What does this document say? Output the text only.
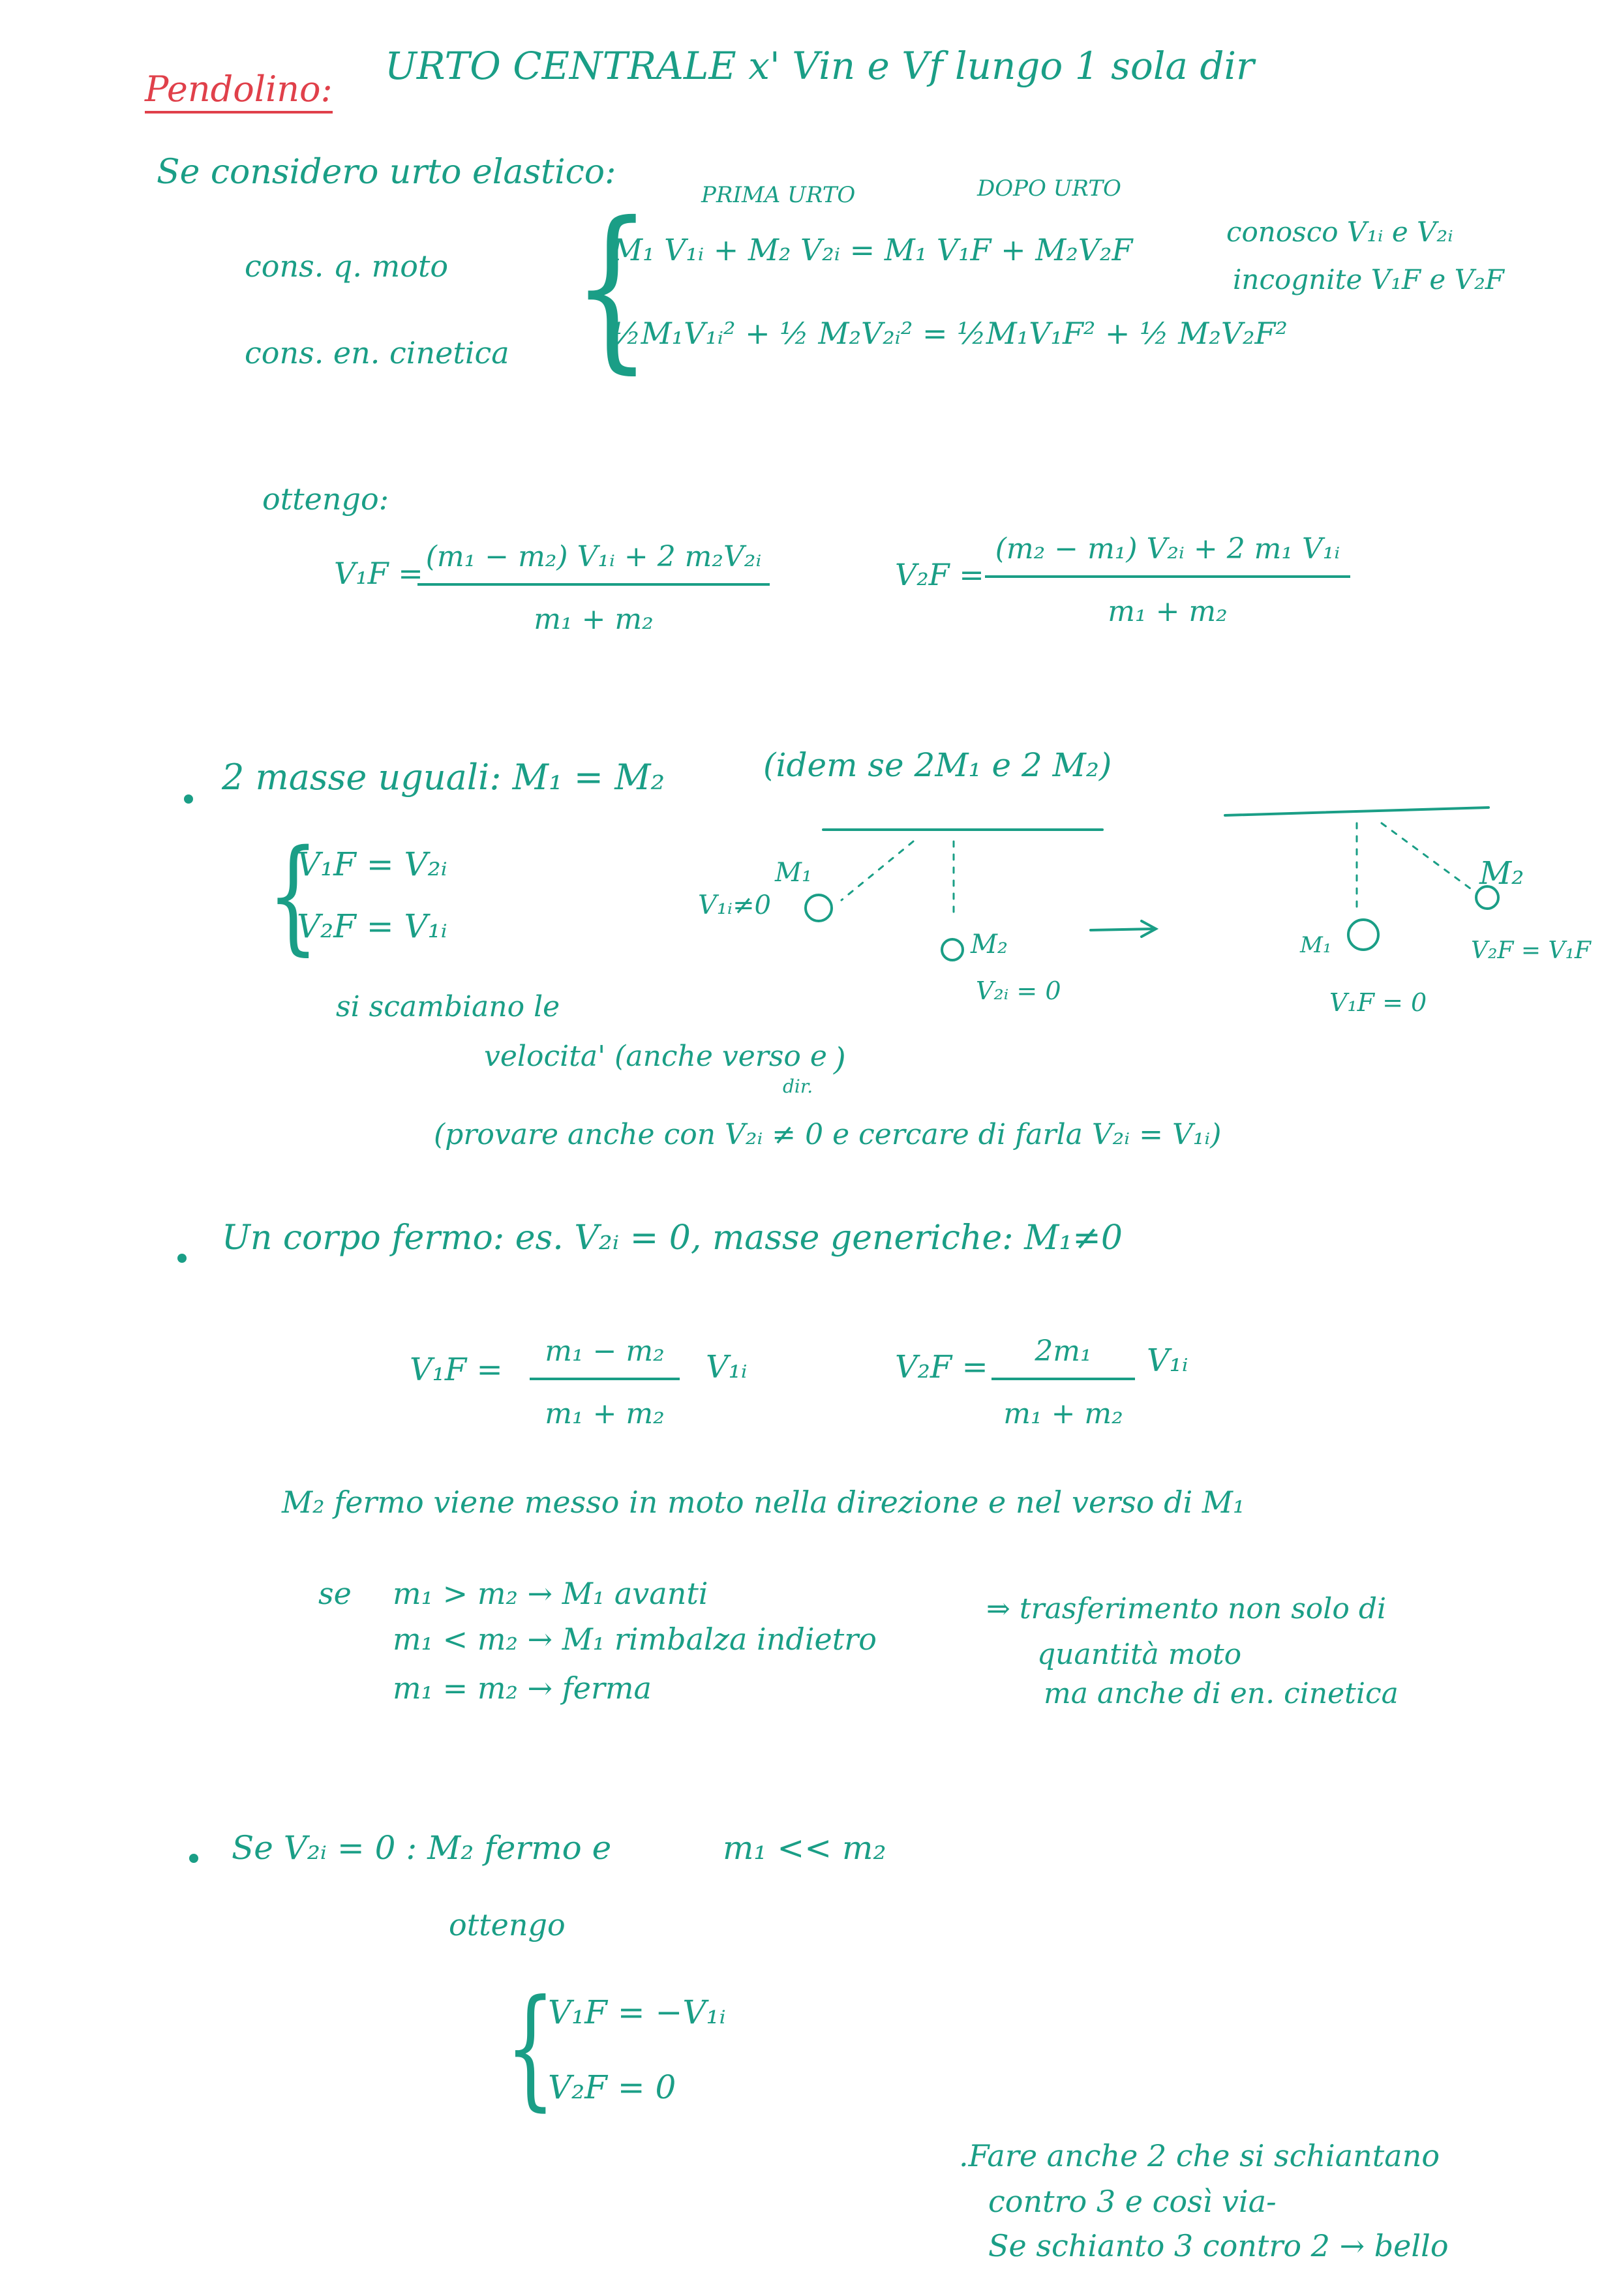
Pendolino:
URTO CENTRALE x' Vin e Vf lungo 1 sola dir
Se considero urto elastico:
PRIMA URTO	DOPO URTO
cons. q. moto {
M₁ V₁ᵢ + M₂ V₂ᵢ = M₁ V₁F + M₂V₂F
cons. en. cinetica
½M₁V₁ᵢ² + ½ M₂V₂ᵢ² = ½M₁V₁F² + ½ M₂V₂F²
conosco V₁ᵢ e V₂ᵢ
incognite V₁F e V₂F
ottengo:
V₁F =
$\frac{\text{(m₁ − m₂) V₁ᵢ + 2 m₂V₂ᵢ}}{\text{m₁ + m₂}}$	$V_2F = \frac{\text{(m₂ − m₁) V₂ᵢ + 2 m₁ V₁ᵢ}}{\text{m₁ + m₂}}$
2 masse uguali: M₁ = M₂	(idem se 2M₁ e 2 M₂)
{
V₁F = V₂ᵢ
V₂F = V₁ᵢ
si scambiano le
velocita' (anche verso e
dir.
)
M₁
V₁ᵢ≠0
M₂
V₂ᵢ = 0
M₁
V₁F = 0
M₂
V₂F = V₁F
(provare anche con V₂ᵢ ≠ 0 e cercare di farla V₂ᵢ = V₁ᵢ)
Un corpo fermo: es. V₂ᵢ = 0, masse generiche: M₁≠0
$V_1F = \frac{\text{m₁ − m₂}}{\text{m₁ + m₂}}$ V₁ᵢ	$V_2F = \frac{\text{2m₁}}{\text{m₁ + m₂}}$ V₁ᵢ
M₂ fermo viene messo in moto nella direzione e nel verso di M₁
se m₁ > m₂ → M₁ avanti
m₁ < m₂ → M₁ rimbalza indietro
m₁ = m₂ → ferma
⇒ trasferimento non solo di
quantità moto
ma anche di en. cinetica
Se V₂ᵢ = 0 : M₂ fermo e	m₁ << m₂
ottengo
{
V₁F = −V₁ᵢ
V₂F = 0
.Fare anche 2 che si schiantano
contro 3 e così via-
Se schianto 3 contro 2 → bello
